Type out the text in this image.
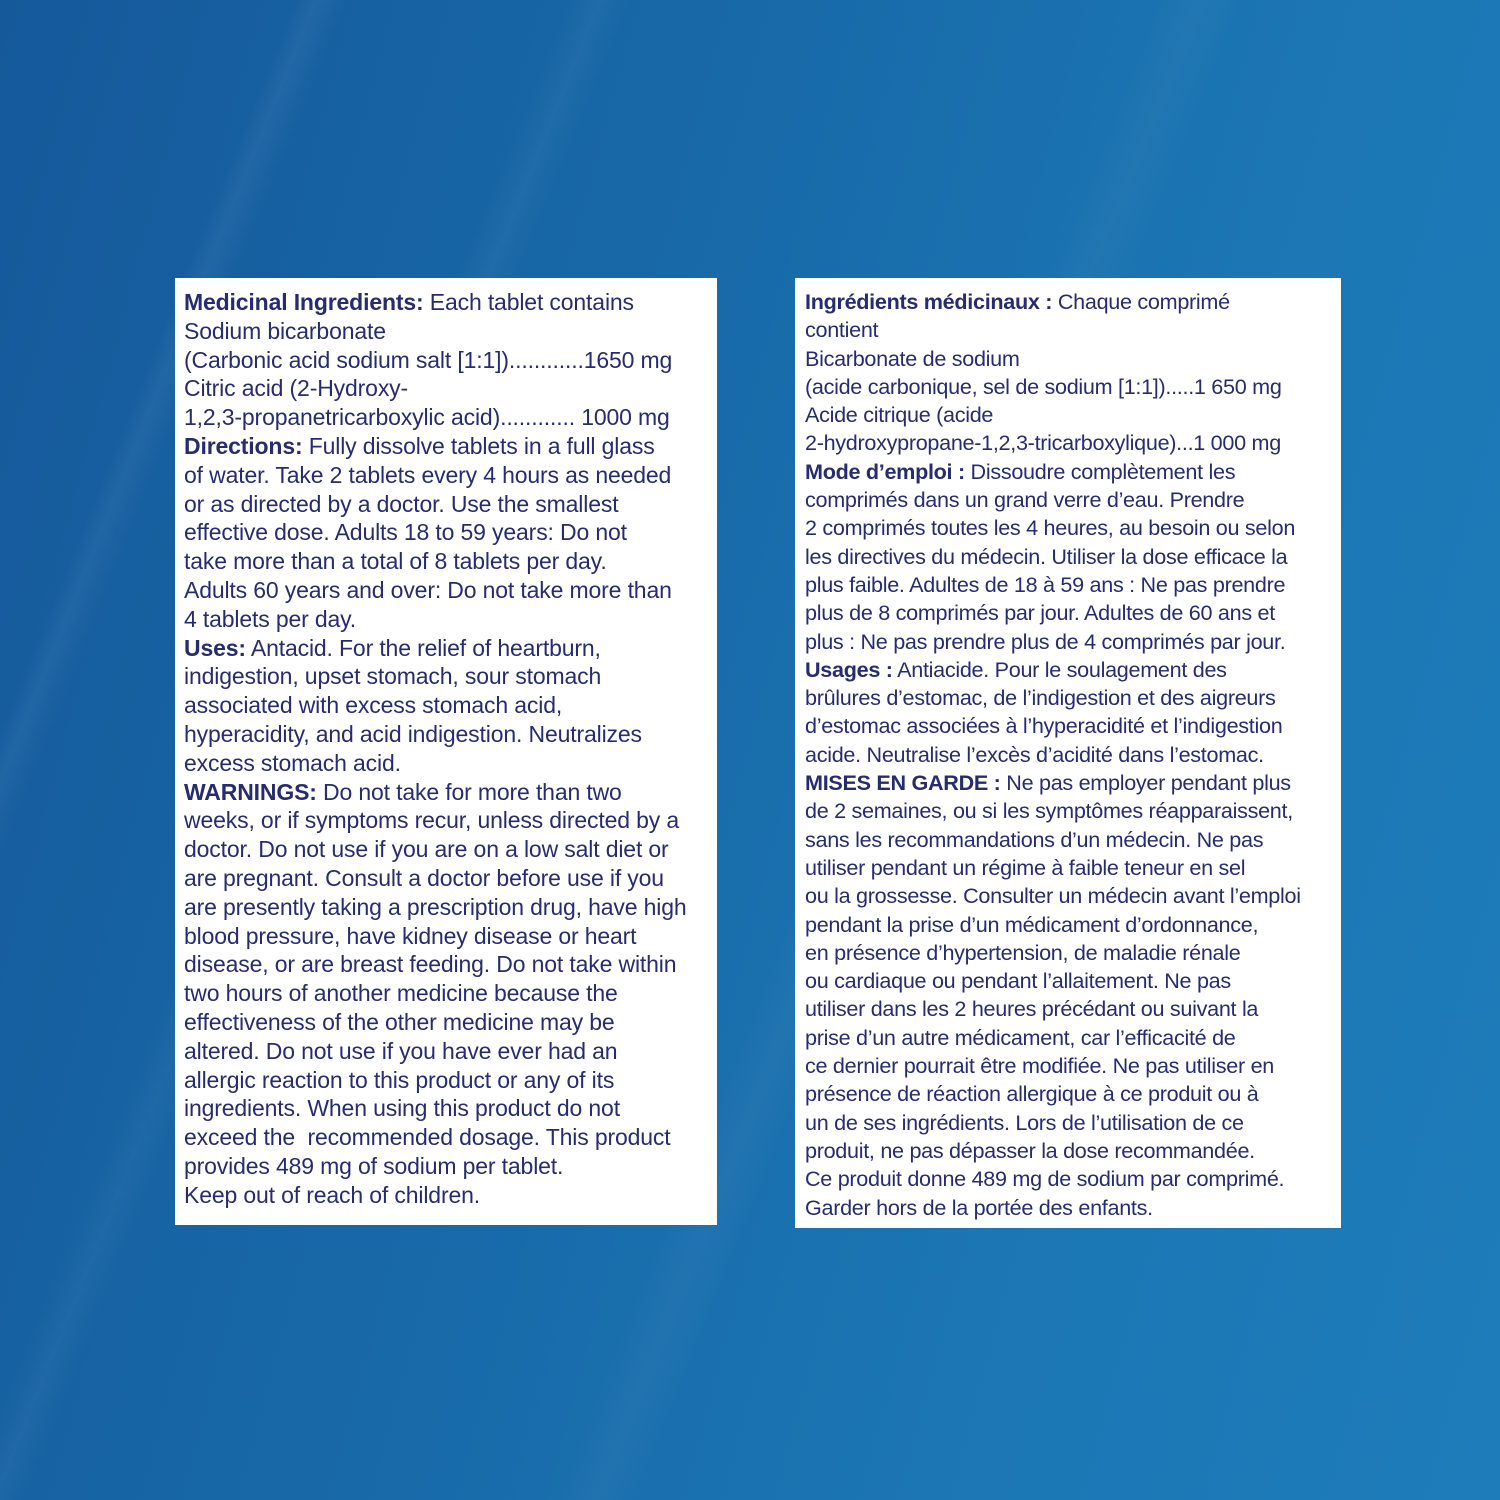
Medicinal Ingredients: Each tablet contains
Sodium bicarbonate
(Carbonic acid sodium salt [1:1])............1650 mg
Citric acid (2-Hydroxy-
1,2,3-propanetricarboxylic acid)............ 1000 mg
Directions: Fully dissolve tablets in a full glass
of water. Take 2 tablets every 4 hours as needed
or as directed by a doctor. Use the smallest
effective dose. Adults 18 to 59 years: Do not
take more than a total of 8 tablets per day.
Adults 60 years and over: Do not take more than
4 tablets per day.
Uses: Antacid. For the relief of heartburn,
indigestion, upset stomach, sour stomach
associated with excess stomach acid,
hyperacidity, and acid indigestion. Neutralizes
excess stomach acid.
WARNINGS: Do not take for more than two
weeks, or if symptoms recur, unless directed by a
doctor. Do not use if you are on a low salt diet or
are pregnant. Consult a doctor before use if you
are presently taking a prescription drug, have high
blood pressure, have kidney disease or heart
disease, or are breast feeding. Do not take within
two hours of another medicine because the
effectiveness of the other medicine may be
altered. Do not use if you have ever had an
allergic reaction to this product or any of its
ingredients. When using this product do not
exceed the  recommended dosage. This product
provides 489 mg of sodium per tablet.
Keep out of reach of children.
Ingrédients médicinaux : Chaque comprimé
contient
Bicarbonate de sodium
(acide carbonique, sel de sodium [1:1]).....1 650 mg
Acide citrique (acide
2-hydroxypropane-1,2,3-tricarboxylique)...1 000 mg
Mode d’emploi : Dissoudre complètement les
comprimés dans un grand verre d’eau. Prendre
2 comprimés toutes les 4 heures, au besoin ou selon
les directives du médecin. Utiliser la dose efficace la
plus faible. Adultes de 18 à 59 ans : Ne pas prendre
plus de 8 comprimés par jour. Adultes de 60 ans et
plus : Ne pas prendre plus de 4 comprimés par jour.
Usages : Antiacide. Pour le soulagement des
brûlures d’estomac, de l’indigestion et des aigreurs
d’estomac associées à l’hyperacidité et l’indigestion
acide. Neutralise l’excès d’acidité dans l’estomac.
MISES EN GARDE : Ne pas employer pendant plus
de 2 semaines, ou si les symptômes réapparaissent,
sans les recommandations d’un médecin. Ne pas
utiliser pendant un régime à faible teneur en sel
ou la grossesse. Consulter un médecin avant l’emploi
pendant la prise d’un médicament d’ordonnance,
en présence d’hypertension, de maladie rénale
ou cardiaque ou pendant l’allaitement. Ne pas
utiliser dans les 2 heures précédant ou suivant la
prise d’un autre médicament, car l’efficacité de
ce dernier pourrait être modifiée. Ne pas utiliser en
présence de réaction allergique à ce produit ou à
un de ses ingrédients. Lors de l’utilisation de ce
produit, ne pas dépasser la dose recommandée.
Ce produit donne 489 mg de sodium par comprimé.
Garder hors de la portée des enfants.
